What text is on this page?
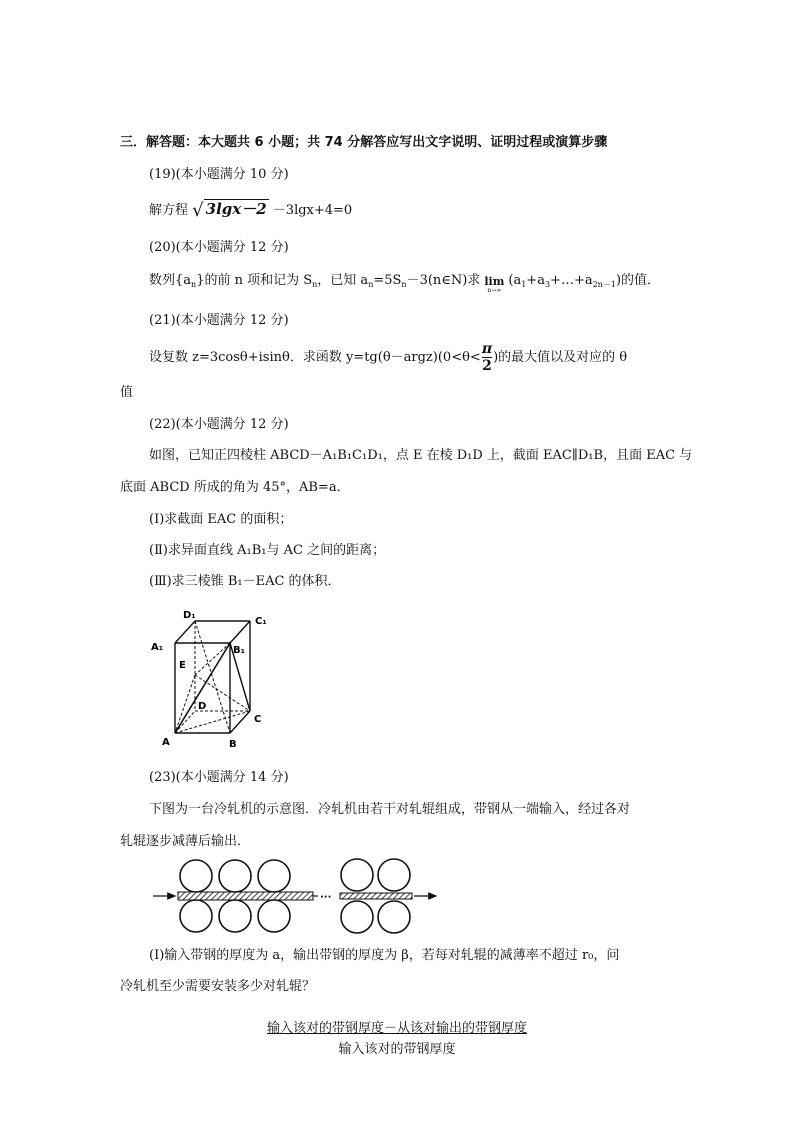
三．解答题：本大题共 6 小题；共 74 分解答应写出文字说明、证明过程或演算步骤
(19)(本小题满分 10 分)
解方程 √ 3lgx－2 －3lgx+4=0
(20)(本小题满分 12 分)
数列$\{a_n\}$的前 n 项和记为 $S_n$，已知 $a_n=5S_n-3(n\in N)$求 lim
n→∞
$(a_1+a_3+\dots+a_{2n-1})$的值．
(21)(本小题满分 12 分)
设复数 z=3cosθ+isinθ．求函数 y=tg(θ－argz)(0<θ< $\frac{\pi}{2}$ )的最大值以及对应的 θ
值
(22)(本小题满分 12 分)
如图，已知正四棱柱 ABCD－A₁B₁C₁D₁，点 E 在棱 D₁D 上，截面 EAC∥D₁B，且面 EAC 与
底面 ABCD 所成的角为 45°，AB=a．
(Ⅰ)求截面 EAC 的面积；
(Ⅱ)求异面直线 A₁B₁与 AC 之间的距离；
(Ⅲ)求三棱锥 B₁－EAC 的体积．
D₁
C₁
A₁	B₁
E
D
C
A	B
(23)(本小题满分 14 分)
下图为一台冷轧机的示意图．冷轧机由若干对轧辊组成，带钢从一端输入，经过各对
轧辊逐步减薄后输出．
···
(Ⅰ)输入带钢的厚度为 a，输出带钢的厚度为 β，若每对轧辊的减薄率不超过 r₀，问
冷轧机至少需要安装多少对轧辊？
输入该对的带钢厚度－从该对输出的带钢厚度
输入该对的带钢厚度
